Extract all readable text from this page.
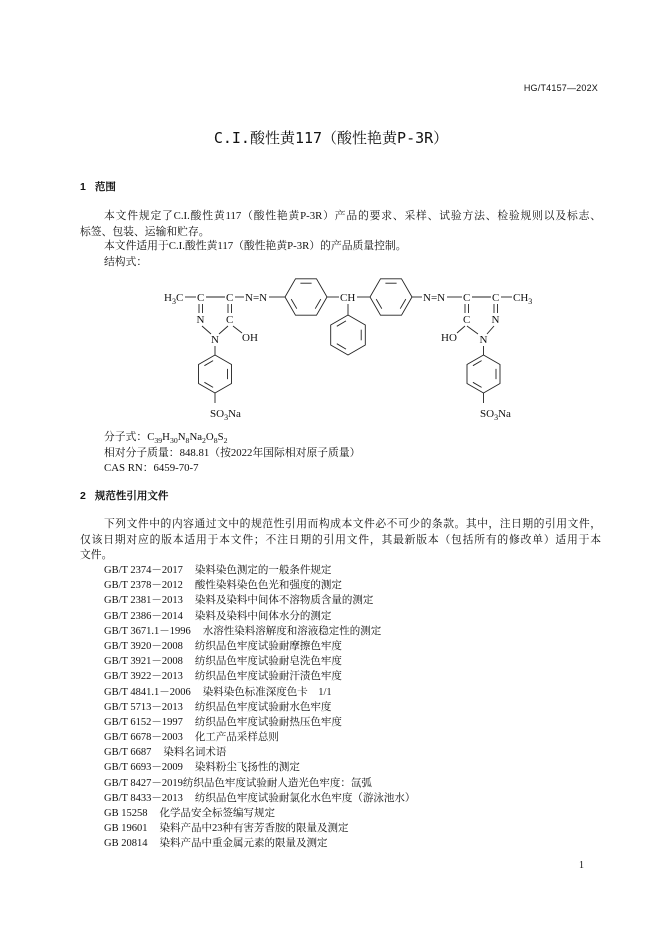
HG/T4157—202X
C.I.酸性黄117（酸性艳黄P-3R）
1 范围
本文件规定了C.I.酸性黄117（酸性艳黄P-3R）产品的要求、采样、试验方法、检验规则以及标志、
标签、包装、运输和贮存。
本文件适用于C.I.酸性黄117（酸性艳黄P-3R）的产品质量控制。
结构式：
$H_3C$ C C N=N	CH	N=N C C $CH_3$
N C
OH
N
$SO_3Na$
C N
HO N
$SO_3Na$
分子式：$C_{39}H_{30}N_8Na_2O_8S_2$
相对分子质量：848.81（按2022年国际相对原子质量）
CAS RN：6459-70-7
2 规范性引用文件
下列文件中的内容通过文中的规范性引用而构成本文件必不可少的条款。其中，注日期的引用文件，
仅该日期对应的版本适用于本文件；不注日期的引用文件，其最新版本（包括所有的修改单）适用于本
文件。
GB/T 2374－2017 染料染色测定的一般条件规定
GB/T 2378－2012 酸性染料染色色光和强度的测定
GB/T 2381－2013 染料及染料中间体不溶物质含量的测定
GB/T 2386－2014 染料及染料中间体水分的测定
GB/T 3671.1－1996 水溶性染料溶解度和溶液稳定性的测定
GB/T 3920－2008 纺织品色牢度试验耐摩擦色牢度
GB/T 3921－2008 纺织品色牢度试验耐皂洗色牢度
GB/T 3922－2013 纺织品色牢度试验耐汗渍色牢度
GB/T 4841.1－2006 染料染色标准深度色卡　1/1
GB/T 5713－2013 纺织品色牢度试验耐水色牢度
GB/T 6152－1997 纺织品色牢度试验耐热压色牢度
GB/T 6678－2003 化工产品采样总则
GB/T 6687 染料名词术语
GB/T 6693－2009 染料粉尘飞扬性的测定
GB/T 8427－2019纺织品色牢度试验耐人造光色牢度：氙弧
GB/T 8433－2013 纺织品色牢度试验耐氯化水色牢度（游泳池水）
GB 15258 化学品安全标签编写规定
GB 19601 染料产品中23种有害芳香胺的限量及测定
GB 20814 染料产品中重金属元素的限量及测定
1
